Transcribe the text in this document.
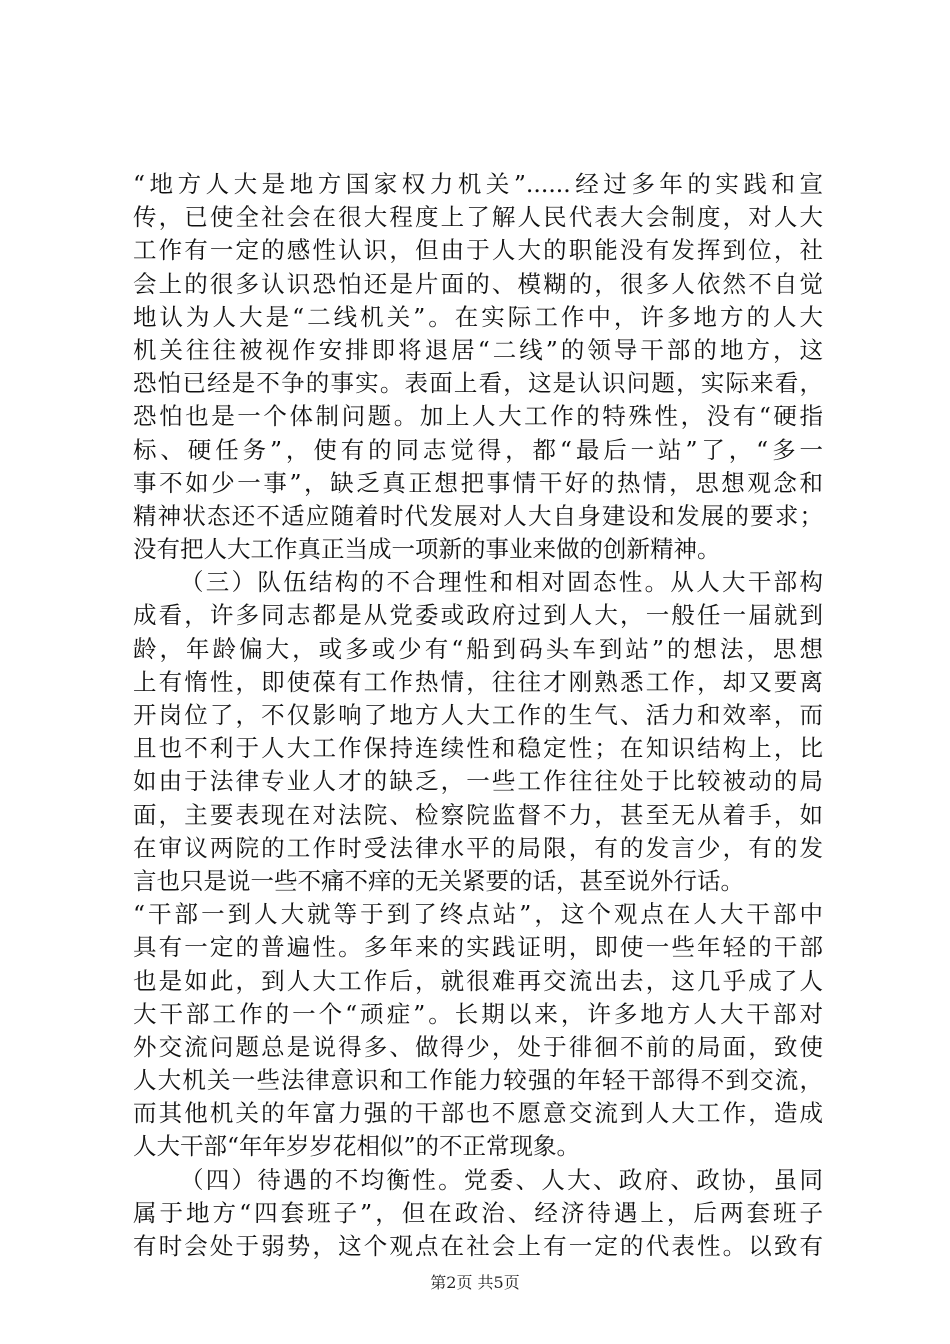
“地方人大是地方国家权力机关”......经过多年的实践和宣
传，已使全社会在很大程度上了解人民代表大会制度，对人大
工作有一定的感性认识，但由于人大的职能没有发挥到位，社
会上的很多认识恐怕还是片面的、模糊的，很多人依然不自觉
地认为人大是“二线机关”。在实际工作中，许多地方的人大
机关往往被视作安排即将退居“二线”的领导干部的地方，这
恐怕已经是不争的事实。表面上看，这是认识问题，实际来看，
恐怕也是一个体制问题。加上人大工作的特殊性，没有“硬指
标、硬任务”，使有的同志觉得，都“最后一站”了，“多一
事不如少一事”，缺乏真正想把事情干好的热情，思想观念和
精神状态还不适应随着时代发展对人大自身建设和发展的要求；
没有把人大工作真正当成一项新的事业来做的创新精神。
（三）队伍结构的不合理性和相对固态性。从人大干部构
成看，许多同志都是从党委或政府过到人大，一般任一届就到
龄，年龄偏大，或多或少有“船到码头车到站”的想法，思想
上有惰性，即使葆有工作热情，往往才刚熟悉工作，却又要离
开岗位了，不仅影响了地方人大工作的生气、活力和效率，而
且也不利于人大工作保持连续性和稳定性；在知识结构上，比
如由于法律专业人才的缺乏，一些工作往往处于比较被动的局
面，主要表现在对法院、检察院监督不力，甚至无从着手，如
在审议两院的工作时受法律水平的局限，有的发言少，有的发
言也只是说一些不痛不痒的无关紧要的话，甚至说外行话。
“干部一到人大就等于到了终点站”，这个观点在人大干部中
具有一定的普遍性。多年来的实践证明，即使一些年轻的干部
也是如此，到人大工作后，就很难再交流出去，这几乎成了人
大干部工作的一个“顽症”。长期以来，许多地方人大干部对
外交流问题总是说得多、做得少，处于徘徊不前的局面，致使
人大机关一些法律意识和工作能力较强的年轻干部得不到交流，
而其他机关的年富力强的干部也不愿意交流到人大工作，造成
人大干部“年年岁岁花相似”的不正常现象。
（四）待遇的不均衡性。党委、人大、政府、政协，虽同
属于地方“四套班子”，但在政治、经济待遇上，后两套班子
有时会处于弱势，这个观点在社会上有一定的代表性。以致有
第2页 共5页
